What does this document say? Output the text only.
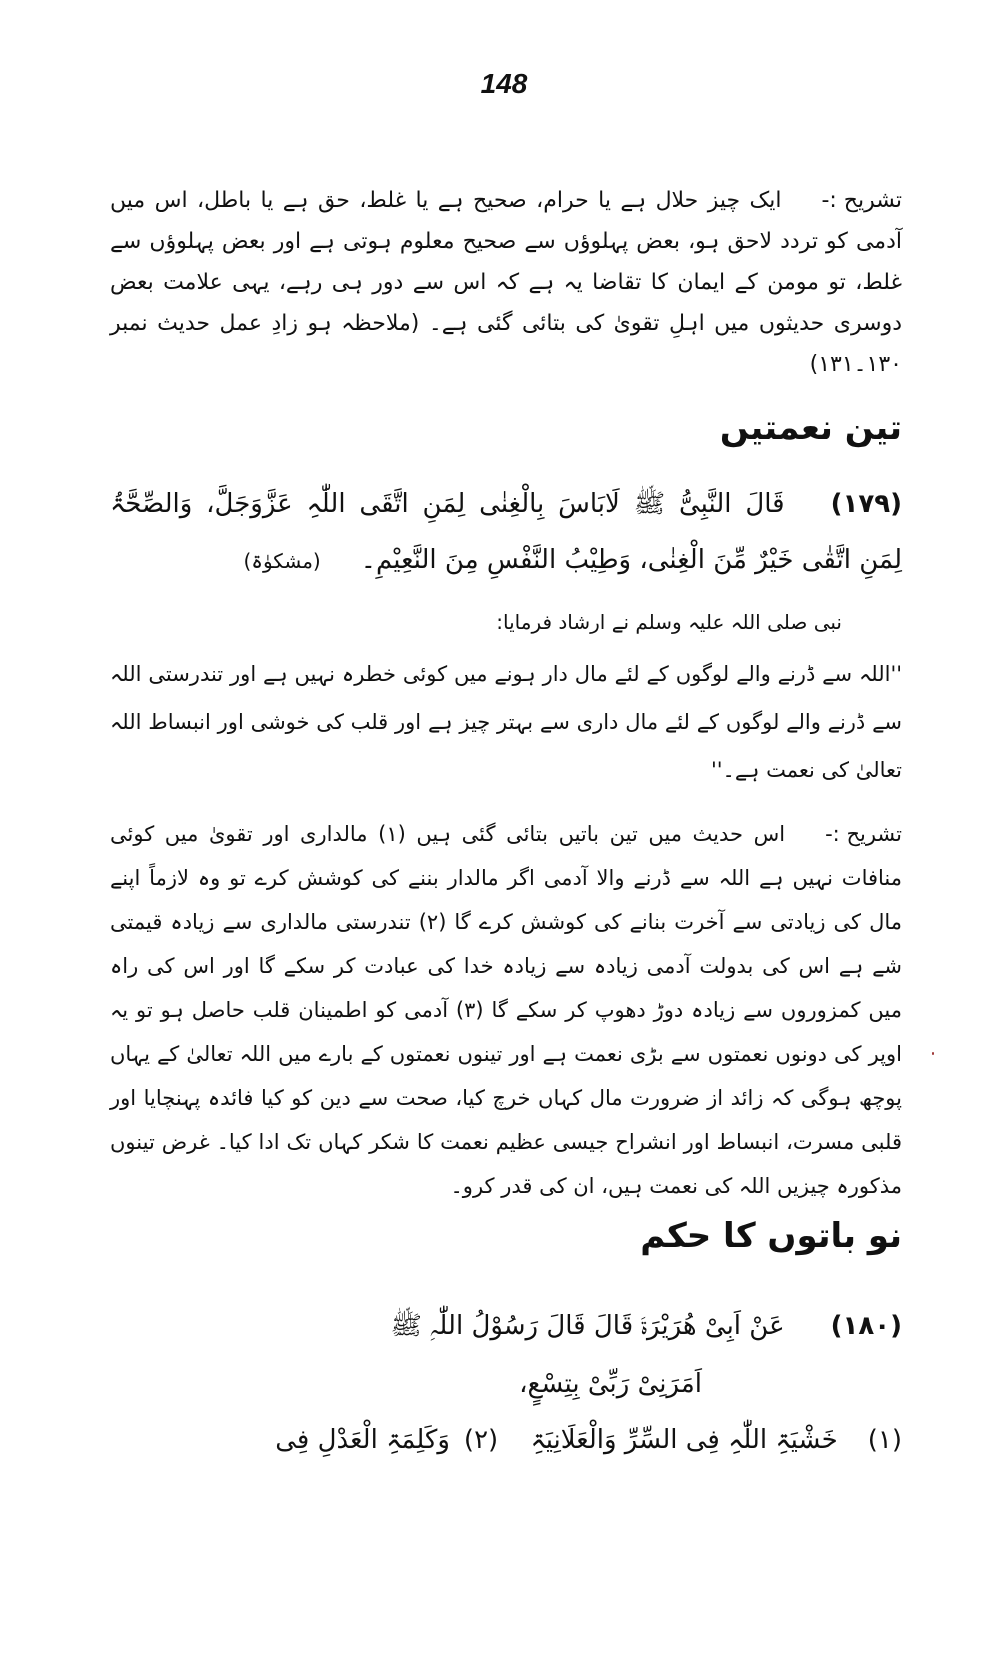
148
تشریح :-ایک چیز حلال ہے یا حرام، صحیح ہے یا غلط، حق ہے یا باطل، اس میں آدمی کو تردد لاحق ہو، بعض پہلوؤں سے صحیح معلوم ہوتی ہے اور بعض پہلوؤں سے غلط، تو مومن کے ایمان کا تقاضا یہ ہے کہ اس سے دور ہی رہے، یہی علامت بعض دوسری حدیثوں میں اہلِ تقویٰ کی بتائی گئی ہے۔ (ملاحظہ ہو زادِ عمل حدیث نمبر ۱۳۰۔۱۳۱)
تین نعمتیں
(۱۷۹)قَالَ النَّبِیُّ ﷺ لَابَاسَ بِالْغِنٰی لِمَنِ اتَّقَی اللّٰہِ عَزَّوَجَلَّ، وَالصِّحَّۃُ لِمَنِ اتَّقٰی خَیْرٌ مِّنَ الْغِنٰی، وَطِیْبُ النَّفْسِ مِنَ النَّعِیْمِ۔(مشکوٰۃ)
نبی صلی اللہ علیہ وسلم نے ارشاد فرمایا:
''اللہ سے ڈرنے والے لوگوں کے لئے مال دار ہونے میں کوئی خطرہ نہیں ہے اور تندرستی اللہ سے ڈرنے والے لوگوں کے لئے مال داری سے بہتر چیز ہے اور قلب کی خوشی اور انبساط اللہ تعالیٰ کی نعمت ہے۔''
تشریح :-اس حدیث میں تین باتیں بتائی گئی ہیں (۱) مالداری اور تقویٰ میں کوئی منافات نہیں ہے اللہ سے ڈرنے والا آدمی اگر مالدار بننے کی کوشش کرے تو وہ لازماً اپنے مال کی زیادتی سے آخرت بنانے کی کوشش کرے گا (۲) تندرستی مالداری سے زیادہ قیمتی شے ہے اس کی بدولت آدمی زیادہ سے زیادہ خدا کی عبادت کر سکے گا اور اس کی راہ میں کمزوروں سے زیادہ دوڑ دھوپ کر سکے گا (۳) آدمی کو اطمینان قلب حاصل ہو تو یہ اوپر کی دونوں نعمتوں سے بڑی نعمت ہے اور تینوں نعمتوں کے بارے میں اللہ تعالیٰ کے یہاں پوچھ ہوگی کہ زائد از ضرورت مال کہاں خرچ کیا، صحت سے دین کو کیا فائدہ پہنچایا اور قلبی مسرت، انبساط اور انشراح جیسی عظیم نعمت کا شکر کہاں تک ادا کیا۔ غرض تینوں مذکورہ چیزیں اللہ کی نعمت ہیں، ان کی قدر کرو۔
نو باتوں کا حکم
(۱۸۰)عَنْ اَبِیْ ھُرَیْرَۃَ قَالَ قَالَ رَسُوْلُ اللّٰہِ ﷺ
اَمَرَنِیْ رَبِّیْ بِتِسْعٍ،
(۱)خَشْیَۃِ اللّٰہِ فِی السِّرِّ وَالْعَلَانِیَۃِ (۲)وَکَلِمَۃِ الْعَدْلِ فِی
